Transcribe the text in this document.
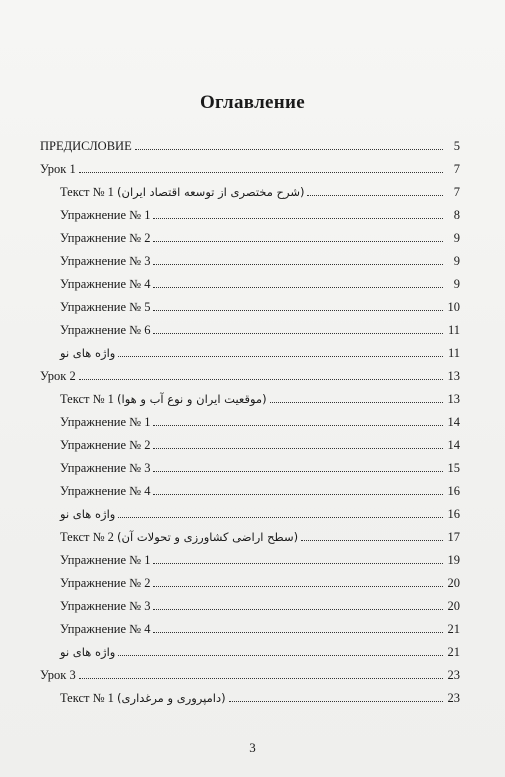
Оглавление
ПРЕДИСЛОВИЕ	5
Урок 1	7
Текст № 1 (شرح مختصری از توسعه اقتصاد ایران)	7
Упражнение № 1	8
Упражнение № 2	9
Упражнение № 3	9
Упражнение № 4	9
Упражнение № 5	10
Упражнение № 6	11
واژه های نو	11
Урок 2	13
Текст № 1 (موقعیت ایران و نوع آب و هوا)	13
Упражнение № 1	14
Упражнение № 2	14
Упражнение № 3	15
Упражнение № 4	16
واژه های نو	16
Текст № 2 (سطح اراضی کشاورزی و تحولات آن)	17
Упражнение № 1	19
Упражнение № 2	20
Упражнение № 3	20
Упражнение № 4	21
واژه های نو	21
Урок 3	23
Текст № 1 (دامپروری و مرغداری)	23
3
